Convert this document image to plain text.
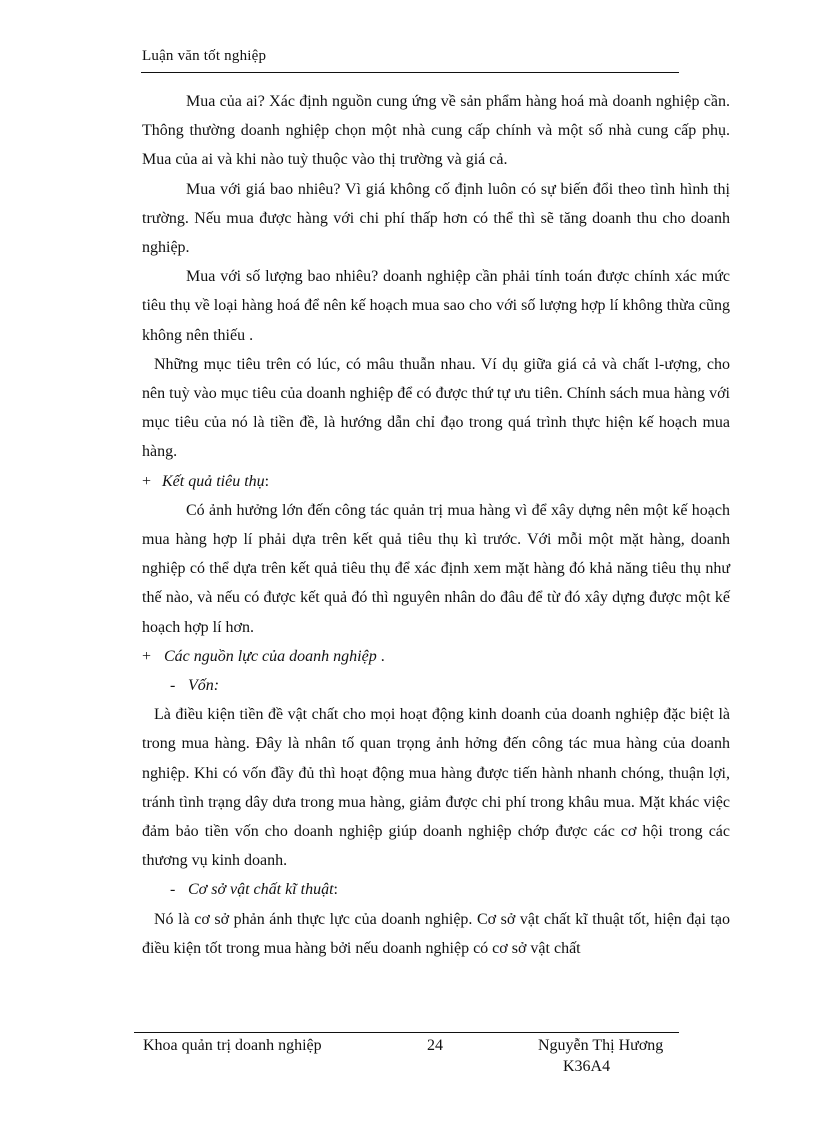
Luận văn tốt nghiệp

Mua của ai? Xác định nguồn cung ứng về sản phẩm hàng hoá mà doanh nghiệp cần. Thông thường doanh nghiệp chọn một nhà cung cấp chính và một số nhà cung cấp phụ. Mua của ai và khi nào tuỳ thuộc vào thị trường và giá cả.

Mua với giá bao nhiêu? Vì giá không cố định luôn có sự biến đổi theo tình hình thị trường. Nếu mua được hàng với chi phí thấp hơn có thể thì sẽ tăng doanh thu cho doanh nghiệp.

Mua với số lượng bao nhiêu? doanh nghiệp cần phải tính toán được chính xác mức tiêu thụ về loại hàng hoá để nên kế hoạch mua sao cho với số lượng hợp lí không thừa cũng không nên thiếu .

Những mục tiêu trên có lúc, có mâu thuẫn nhau. Ví dụ giữa giá cả và chất l-ượng, cho nên tuỳ vào mục tiêu của doanh nghiệp để có được thứ tự ưu tiên. Chính sách mua hàng với mục tiêu của nó là tiền đề, là hướng dẫn chỉ đạo trong quá trình thực hiện kế hoạch mua hàng.

+ Kết quả tiêu thụ:

Có ảnh hưởng lớn đến công tác quản trị mua hàng vì để xây dựng nên một kế hoạch mua hàng hợp lí phải dựa trên kết quả tiêu thụ kì trước. Với mỗi một mặt hàng, doanh nghiệp có thể dựa trên kết quả tiêu thụ để xác định xem mặt hàng đó khả năng tiêu thụ như thế nào, và nếu có được kết quả đó thì nguyên nhân do đâu để từ đó xây dựng được một kế hoạch hợp lí hơn.

+ Các nguồn lực của doanh nghiệp .

- Vốn:

Là điều kiện tiền đề vật chất cho mọi hoạt động kinh doanh của doanh nghiệp đặc biệt là trong mua hàng. Đây là nhân tố quan trọng ảnh hởng đến công tác mua hàng của doanh nghiệp. Khi có vốn đầy đủ thì hoạt động mua hàng được tiến hành nhanh chóng, thuận lợi, tránh tình trạng dây dưa trong mua hàng, giảm được chi phí trong khâu mua. Mặt khác việc đảm bảo tiền vốn cho doanh nghiệp giúp doanh nghiệp chớp được các cơ hội trong các thương vụ kinh doanh.

- Cơ sở vật chất kĩ thuật:

Nó là cơ sở phản ánh thực lực của doanh nghiệp. Cơ sở vật chất kĩ thuật tốt, hiện đại tạo điều kiện tốt trong mua hàng bởi nếu doanh nghiệp có cơ sở vật chất

Khoa quản trị doanh nghiệp	24	Nguyễn Thị Hương
K36A4
